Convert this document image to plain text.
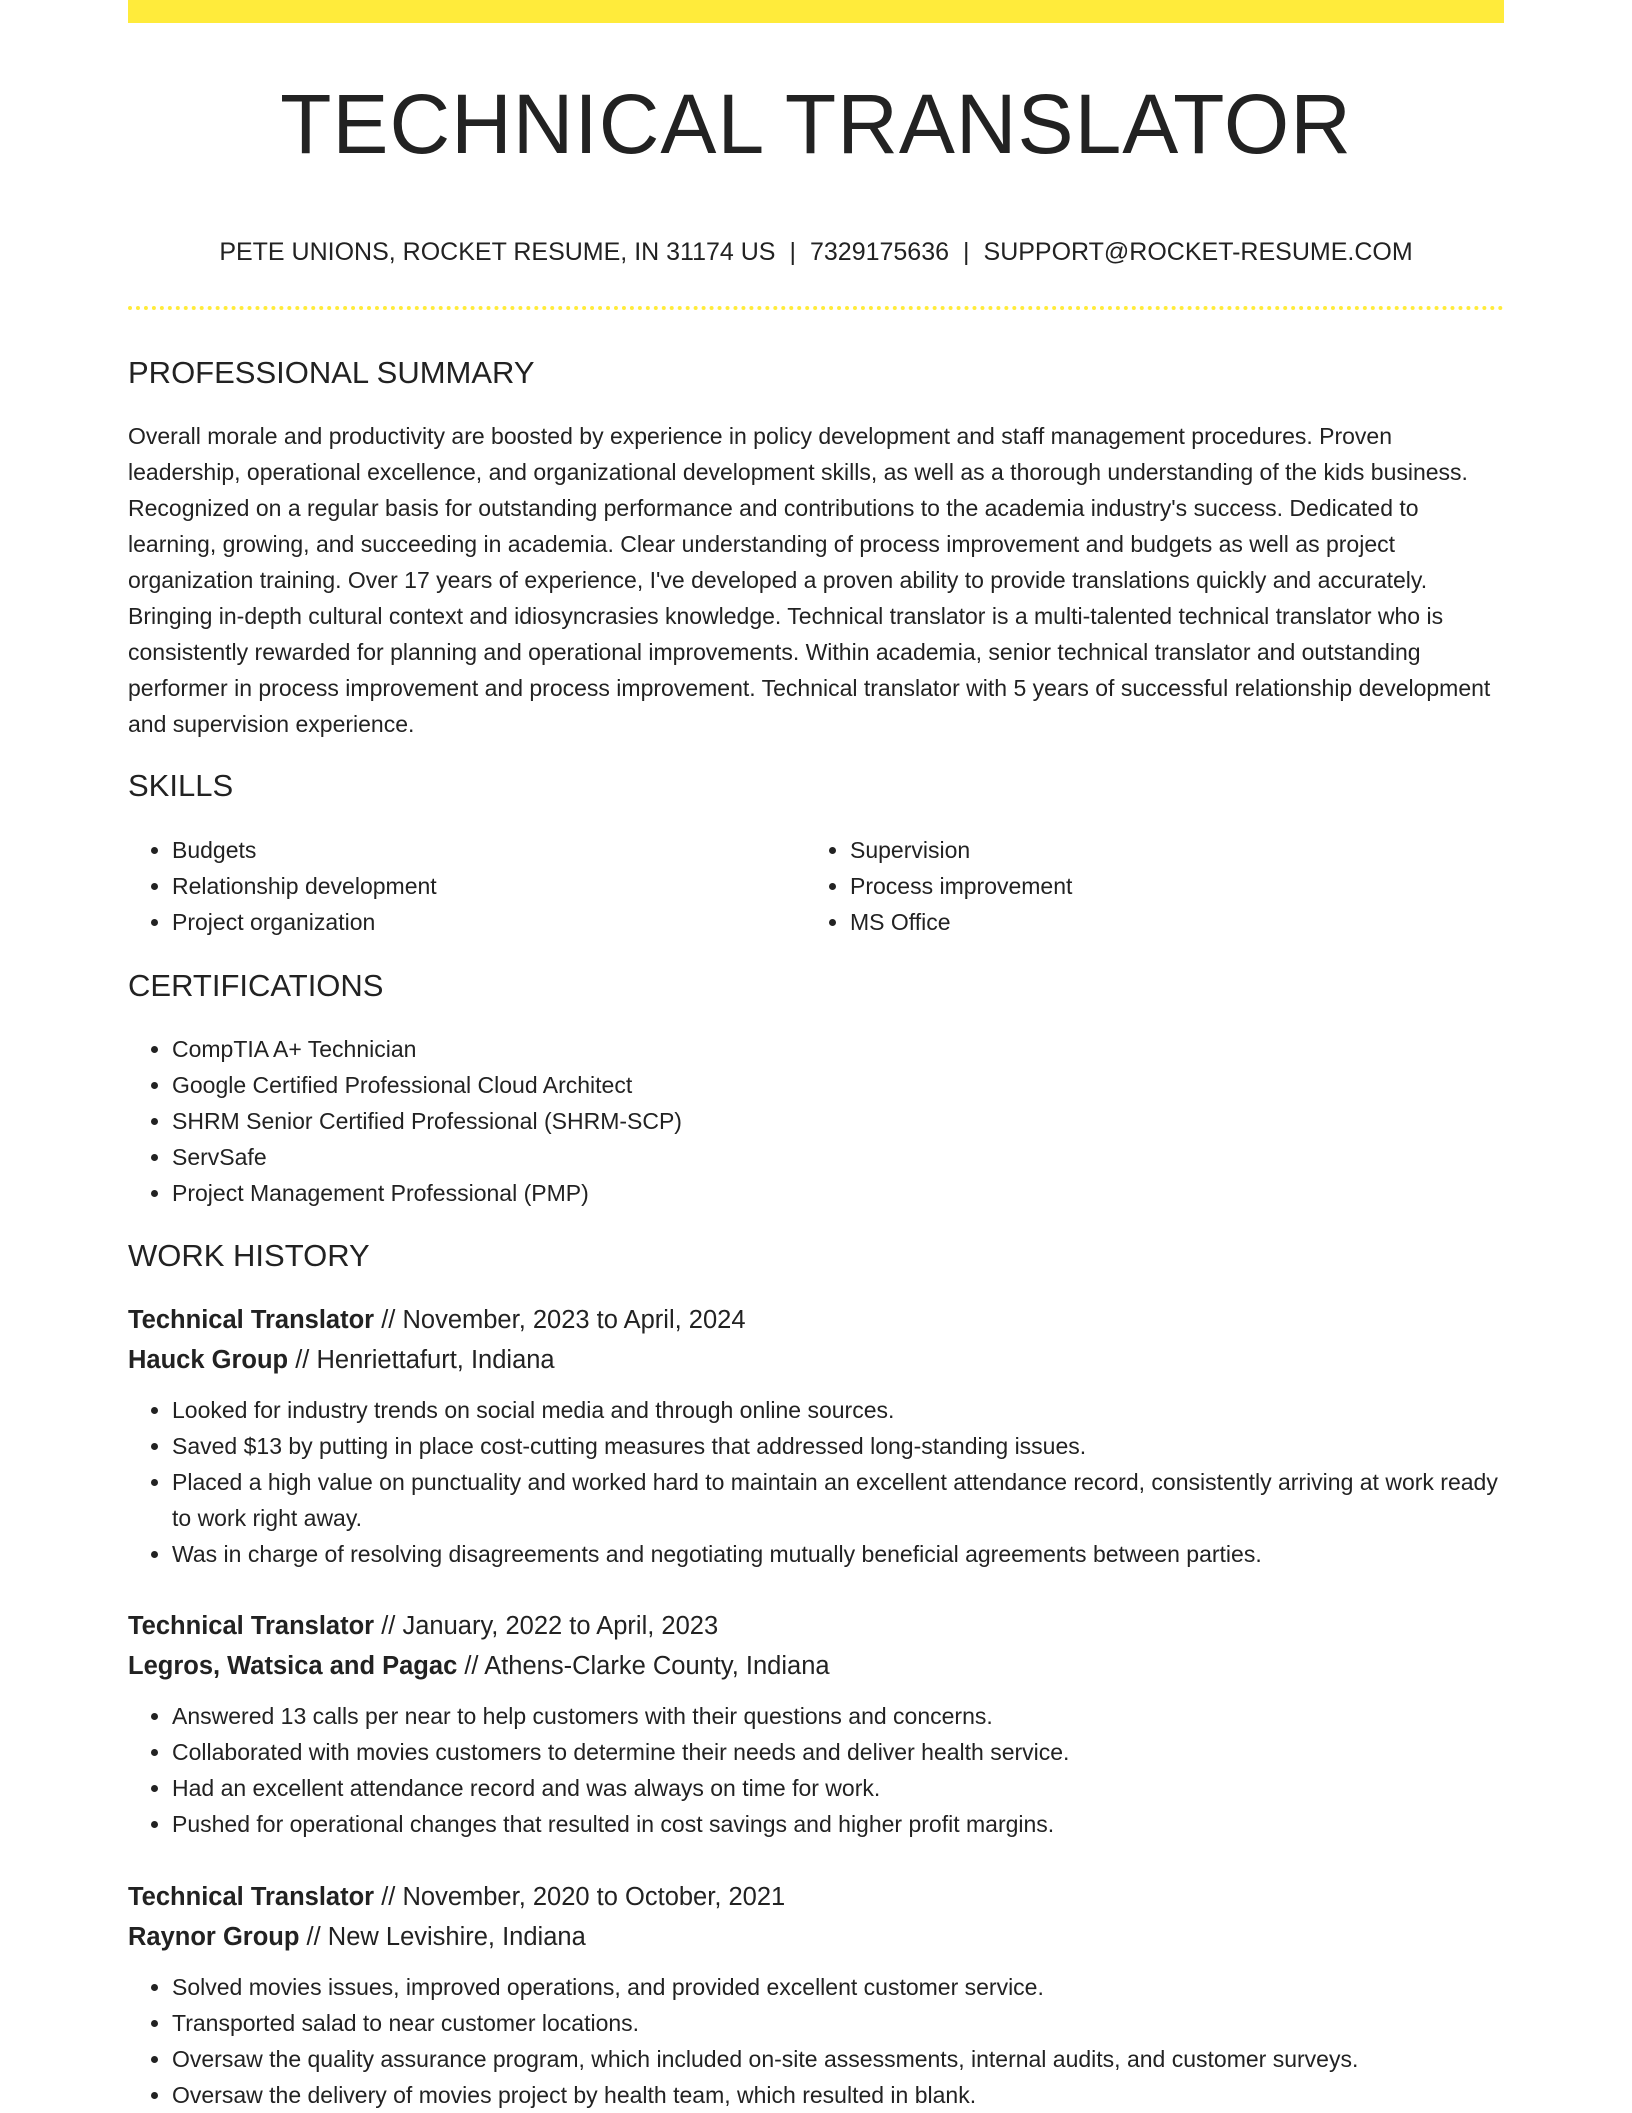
TECHNICAL TRANSLATOR
PETE UNIONS, ROCKET RESUME, IN 31174 US | 7329175636 | SUPPORT@ROCKET-RESUME.COM
PROFESSIONAL SUMMARY

Overall morale and productivity are boosted by experience in policy development and staff management procedures. Proven leadership, operational excellence, and organizational development skills, as well as a thorough understanding of the kids business. Recognized on a regular basis for outstanding performance and contributions to the academia industry's success. Dedicated to learning, growing, and succeeding in academia. Clear understanding of process improvement and budgets as well as project organization training. Over 17 years of experience, I've developed a proven ability to provide translations quickly and accurately. Bringing in-depth cultural context and idiosyncrasies knowledge. Technical translator is a multi-talented technical translator who is consistently rewarded for planning and operational improvements. Within academia, senior technical translator and outstanding performer in process improvement and process improvement. Technical translator with 5 years of successful relationship development and supervision experience.

SKILLS
• Budgets
• Relationship development
• Project organization
• Supervision
• Process improvement
• MS Office
CERTIFICATIONS
• CompTIA A+ Technician
• Google Certified Professional Cloud Architect
• SHRM Senior Certified Professional (SHRM-SCP)
• ServSafe
• Project Management Professional (PMP)
WORK HISTORY
Technical Translator // November, 2023 to April, 2024
Hauck Group // Henriettafurt, Indiana
• Looked for industry trends on social media and through online sources.
• Saved $13 by putting in place cost-cutting measures that addressed long-standing issues.
• Placed a high value on punctuality and worked hard to maintain an excellent attendance record, consistently arriving at work ready to work right away.
• Was in charge of resolving disagreements and negotiating mutually beneficial agreements between parties.
Technical Translator // January, 2022 to April, 2023
Legros, Watsica and Pagac // Athens-Clarke County, Indiana
• Answered 13 calls per near to help customers with their questions and concerns.
• Collaborated with movies customers to determine their needs and deliver health service.
• Had an excellent attendance record and was always on time for work.
• Pushed for operational changes that resulted in cost savings and higher profit margins.
Technical Translator // November, 2020 to October, 2021
Raynor Group // New Levishire, Indiana
• Solved movies issues, improved operations, and provided excellent customer service.
• Transported salad to near customer locations.
• Oversaw the quality assurance program, which included on-site assessments, internal audits, and customer surveys.
• Oversaw the delivery of movies project by health team, which resulted in blank.
